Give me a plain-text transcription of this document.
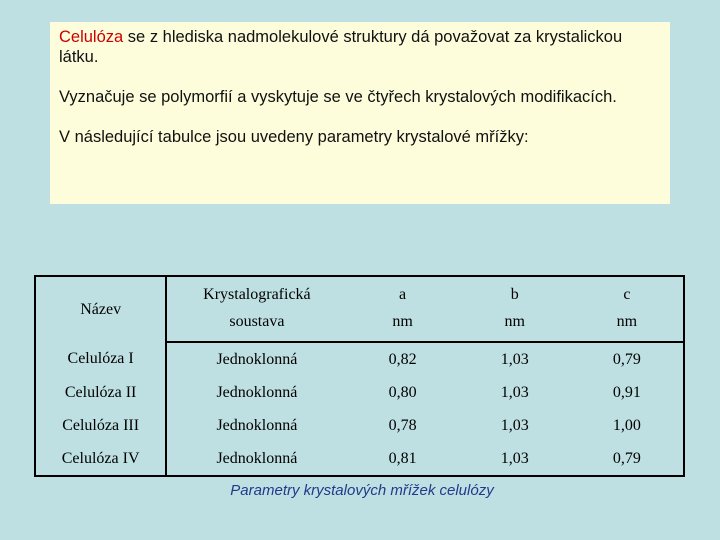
Celulóza se z hlediska nadmolekulové struktury dá považovat za krystalickou látku.

Vyznačuje se polymorfií a vyskytuje se ve čtyřech krystalových modifikacích.

V následující tabulce jsou uvedeny parametry krystalové mřížky:

Název	Krystalografická	a	b	c
	soustava	nm	nm	nm
Celulóza I	Jednoklonná	0,82	1,03	0,79
Celulóza II	Jednoklonná	0,80	1,03	0,91
Celulóza III	Jednoklonná	0,78	1,03	1,00
Celulóza IV	Jednoklonná	0,81	1,03	0,79
Parametry krystalových mřížek celulózy
